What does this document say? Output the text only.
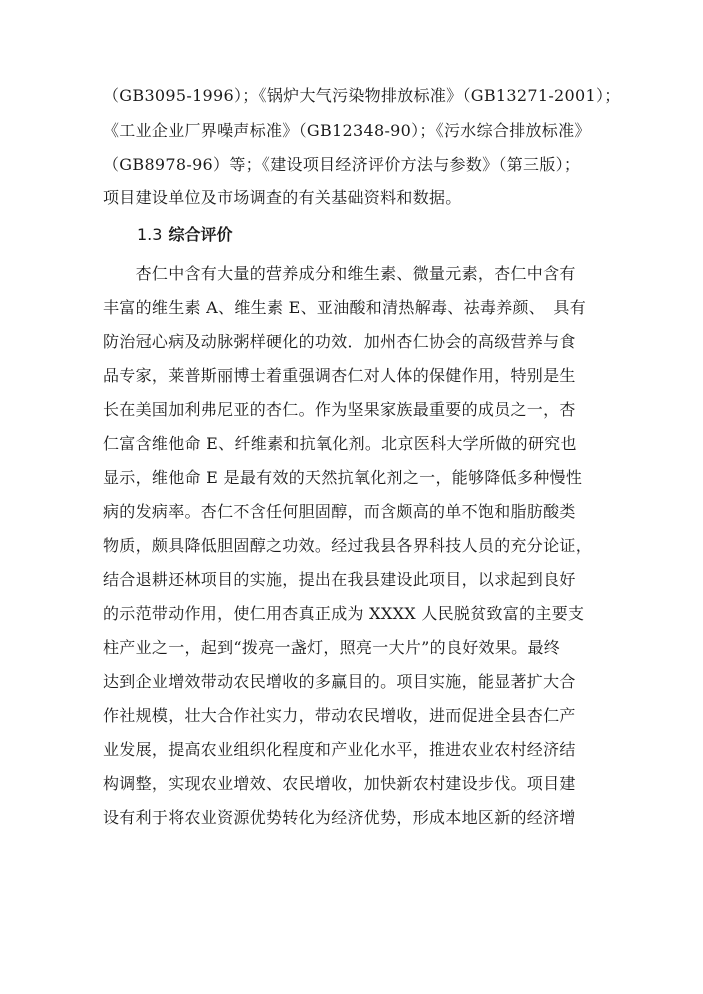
（GB3095-1996）；《锅炉大气污染物排放标准》（GB13271-2001）；
《工业企业厂界噪声标准》（GB12348-90）；《污水综合排放标准》
（GB8978-96）等；《建设项目经济评价方法与参数》（第三版）；
项目建设单位及市场调查的有关基础资料和数据。
1.3 综合评价
　　杏仁中含有大量的营养成分和维生素、微量元素，杏仁中含有
丰富的维生素 A、维生素 E、亚油酸和清热解毒、祛毒养颜、　具有
防治冠心病及动脉粥样硬化的功效．加州杏仁协会的高级营养与食
品专家，莱普斯丽博士着重强调杏仁对人体的保健作用，特别是生
长在美国加利弗尼亚的杏仁。作为坚果家族最重要的成员之一，杏
仁富含维他命 E、纤维素和抗氧化剂。北京医科大学所做的研究也
显示，维他命 E 是最有效的天然抗氧化剂之一，能够降低多种慢性
病的发病率。杏仁不含任何胆固醇，而含颇高的单不饱和脂肪酸类
物质，颇具降低胆固醇之功效。经过我县各界科技人员的充分论证，
结合退耕还林项目的实施，提出在我县建设此项目，以求起到良好
的示范带动作用，使仁用杏真正成为 XXXX 人民脱贫致富的主要支
柱产业之一，起到“拨亮一盏灯，照亮一大片”的良好效果。最终
达到企业增效带动农民增收的多赢目的。项目实施，能显著扩大合
作社规模，壮大合作社实力，带动农民增收，进而促进全县杏仁产
业发展，提高农业组织化程度和产业化水平，推进农业农村经济结
构调整，实现农业增效、农民增收，加快新农村建设步伐。项目建
设有利于将农业资源优势转化为经济优势，形成本地区新的经济增
